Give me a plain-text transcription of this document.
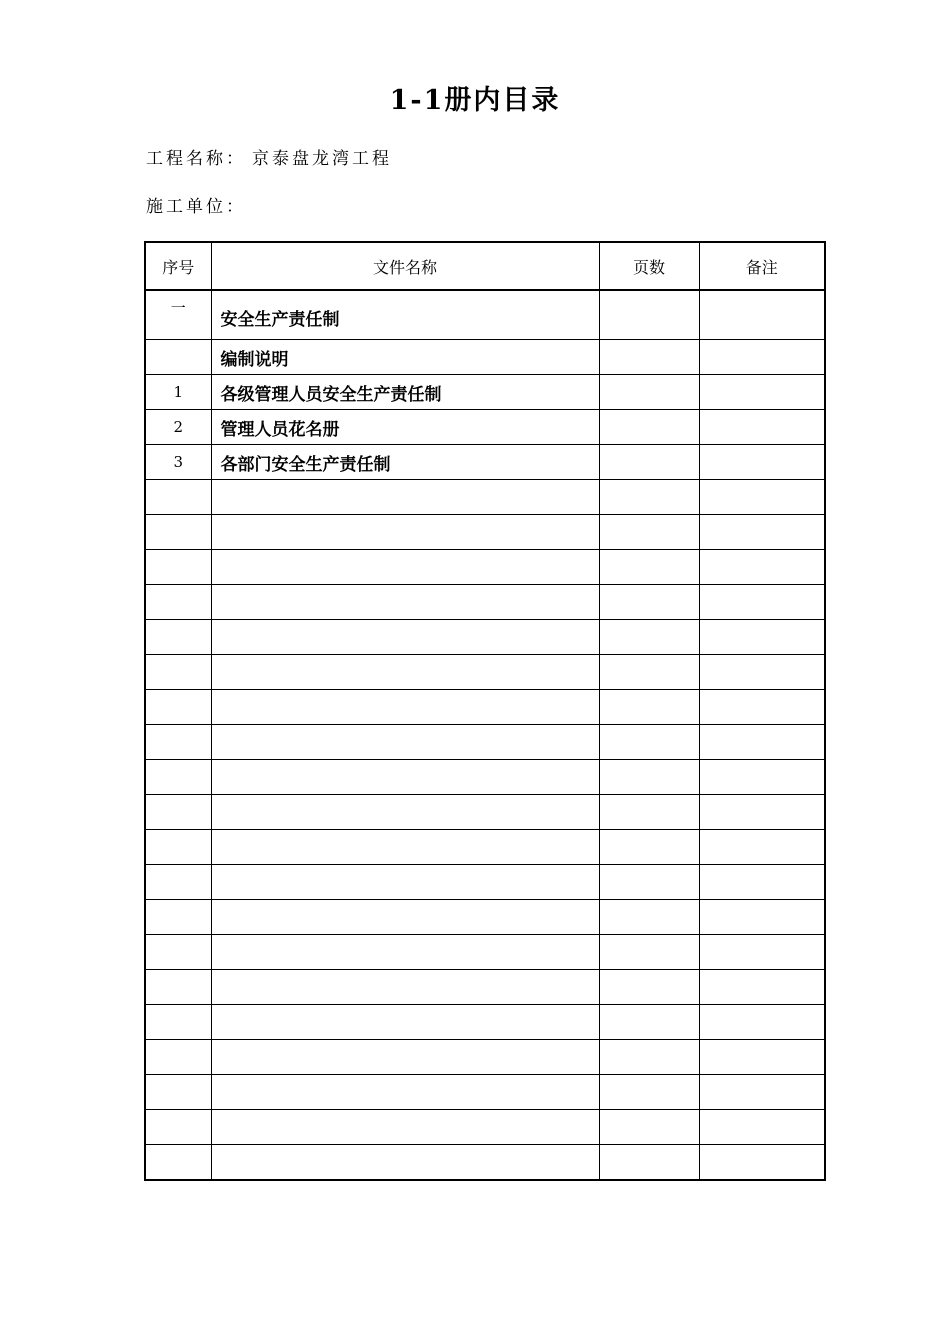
1-1册内目录
工程名称： 京泰盘龙湾工程
施工单位：
序号	文件名称	页数	备注
一	安全生产责任制		
	编制说明		
1	各级管理人员安全生产责任制		
2	管理人员花名册		
3	各部门安全生产责任制		
